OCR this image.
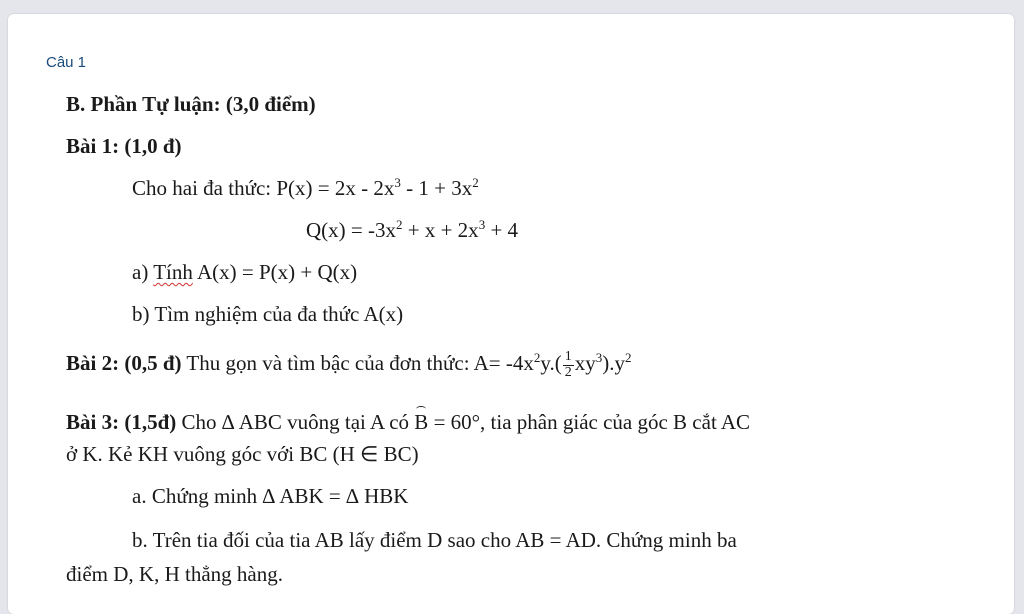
Câu 1
B. Phần Tự luận: (3,0 điểm)
Bài 1: (1,0 đ)
Cho hai đa thức: $P(x) = 2x - 2x^3 - 1 + 3x^2$
$Q(x) = -3x^2 + x + 2x^3 + 4$
a) Tính A(x) = P(x) + Q(x)
b) Tìm nghiệm của đa thức A(x)
Bài 2: (0,5 đ) Thu gọn và tìm bậc của đơn thức: $A= -4x^2y.( \frac{1}{2} xy^3).y^2$
Bài 3: (1,5đ) Cho ∆ ABC vuông tại A có B = 60°, tia phân giác của góc B cắt AC
ở K. Kẻ KH vuông góc với BC (H ∈ BC)
a. Chứng minh ∆ ABK = ∆ HBK
b. Trên tia đối của tia AB lấy điểm D sao cho AB = AD. Chứng minh ba
điểm D, K, H thẳng hàng.
